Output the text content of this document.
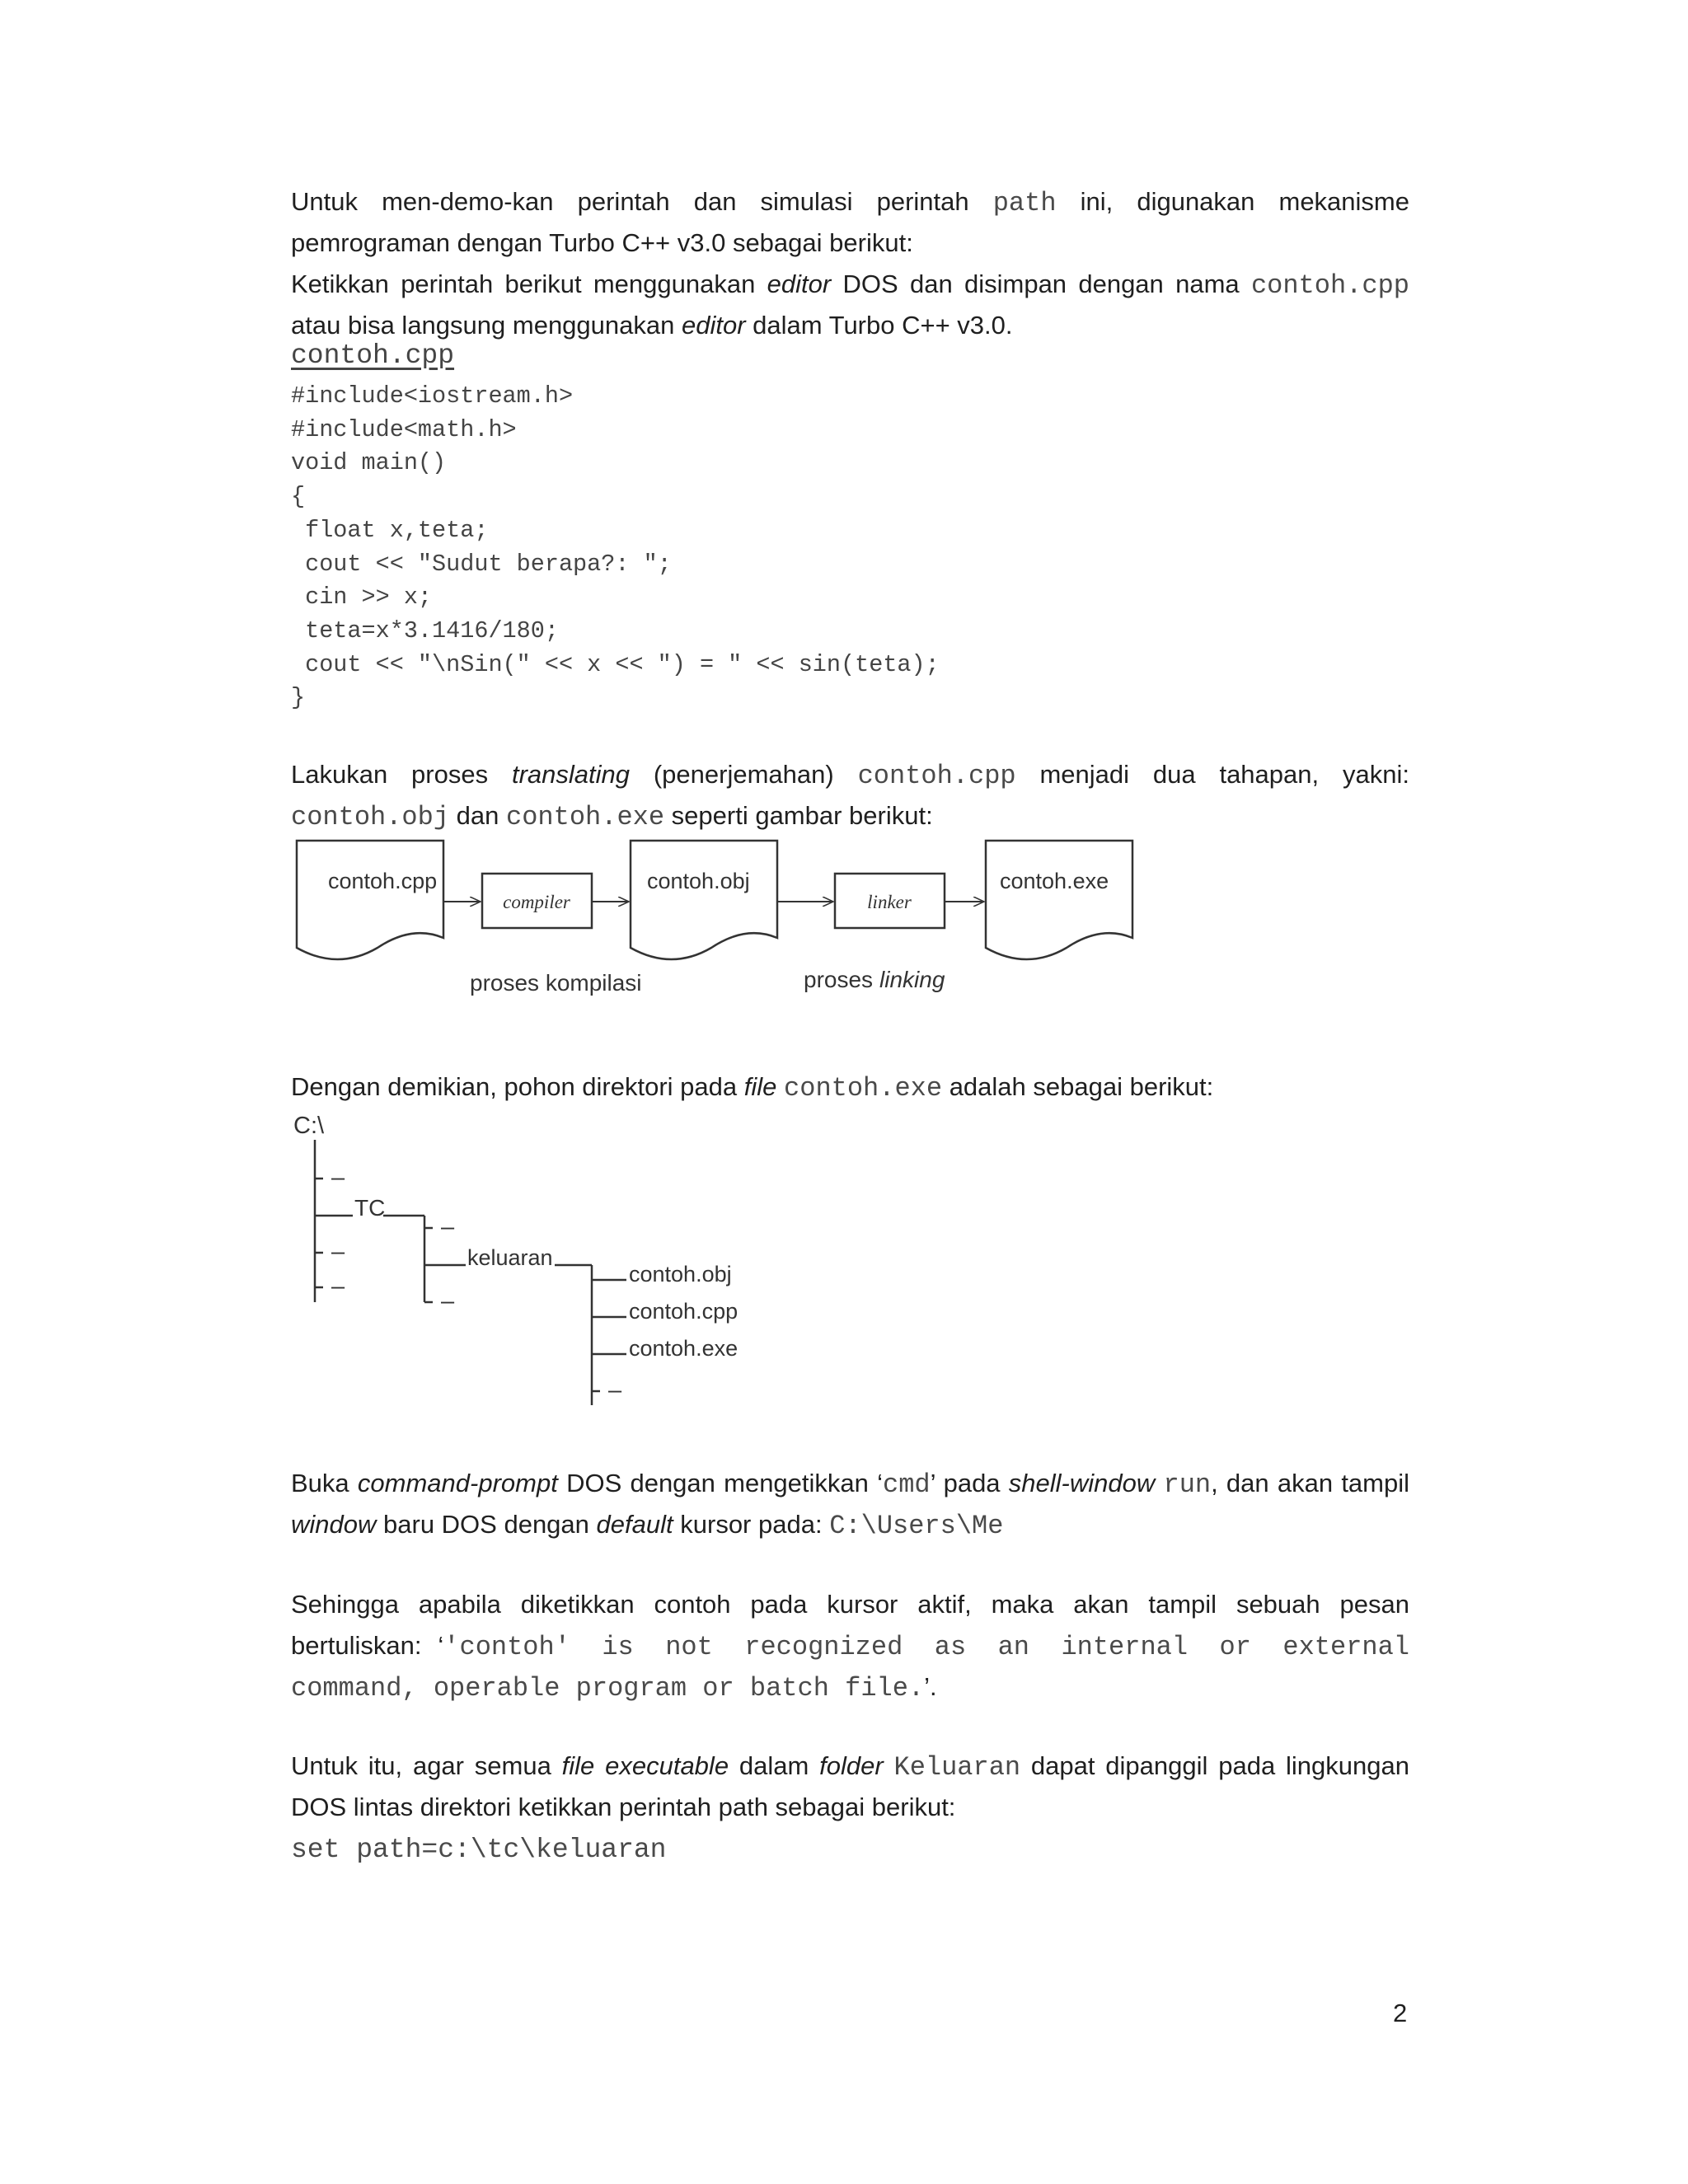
Untuk men-demo-kan perintah dan simulasi perintah path ini, digunakan mekanisme
pemrograman dengan Turbo C++ v3.0 sebagai berikut:
Ketikkan perintah berikut menggunakan editor DOS dan disimpan dengan nama contoh.cpp
atau bisa langsung menggunakan editor dalam Turbo C++ v3.0.
contoh.cpp
#include<iostream.h>
#include<math.h>
void main()
{
float x,teta;
cout << "Sudut berapa?: ";
cin >> x;
teta=x*3.1416/180;
cout << "\nSin(" << x << ") = " << sin(teta);
}
Lakukan proses translating (penerjemahan) contoh.cpp menjadi dua tahapan, yakni:
contoh.obj dan contoh.exe seperti gambar berikut:
contoh.cpp
compiler
contoh.obj
linker
contoh.exe
proses kompilasi	proses linking
Dengan demikian, pohon direktori pada file contoh.exe adalah sebagai berikut:
C:\
–
TC
–
–
–
keluaran
–
contoh.obj
contoh.cpp
contoh.exe
–
Buka command-prompt DOS dengan mengetikkan ‘cmd’ pada shell-window run, dan akan tampil
window baru DOS dengan default kursor pada: C:\Users\Me
Sehingga apabila diketikkan contoh pada kursor aktif, maka akan tampil sebuah pesan
bertuliskan: ‘'contoh' is not recognized as an internal or external
command, operable program or batch file.’.
Untuk itu, agar semua file executable dalam folder Keluaran dapat dipanggil pada lingkungan
DOS lintas direktori ketikkan perintah path sebagai berikut:
set path=c:\tc\keluaran
2
